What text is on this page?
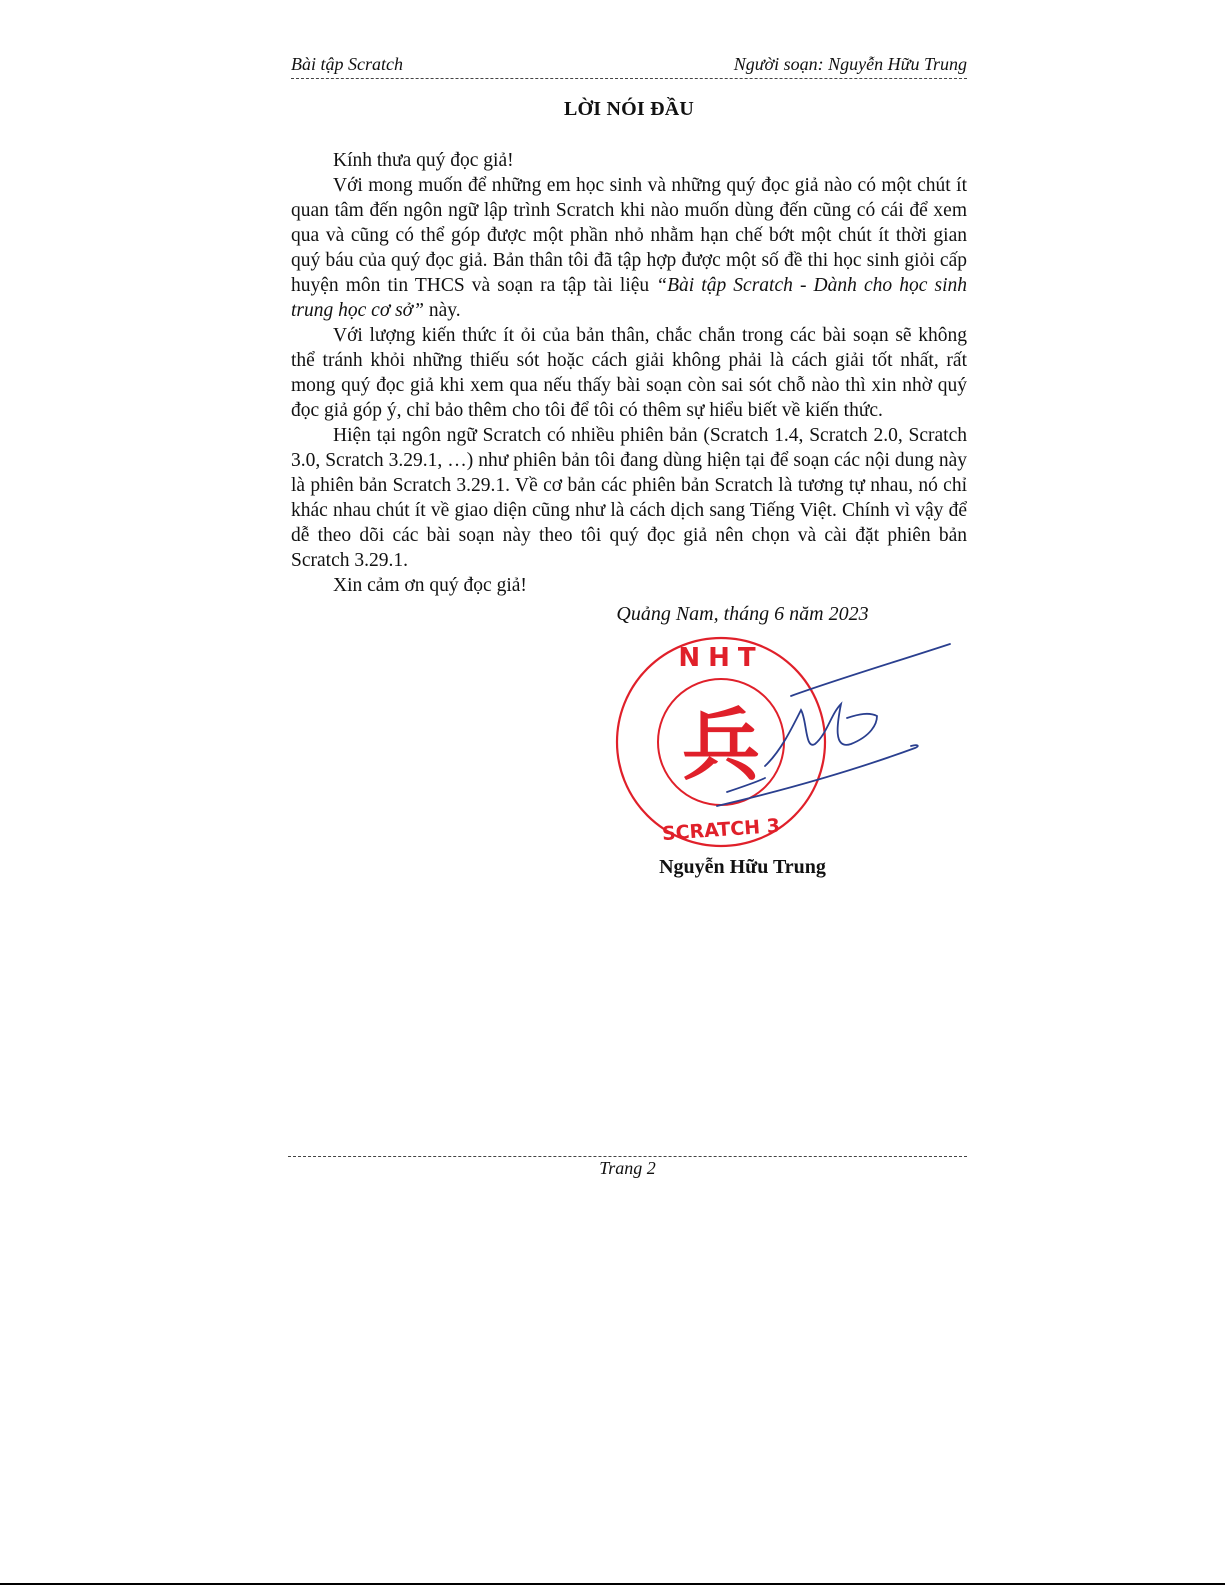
Bài tập Scratch	Người soạn: Nguyễn Hữu Trung
LỜI NÓI ĐẦU

Kính thưa quý đọc giả!

Với mong muốn để những em học sinh và những quý đọc giả nào có một chút ít quan tâm đến ngôn ngữ lập trình Scratch khi nào muốn dùng đến cũng có cái để xem qua và cũng có thể góp được một phần nhỏ nhằm hạn chế bớt một chút ít thời gian quý báu của quý đọc giả. Bản thân tôi đã tập hợp được một số đề thi học sinh giỏi cấp huyện môn tin THCS và soạn ra tập tài liệu “Bài tập Scratch - Dành cho học sinh trung học cơ sở” này.

Với lượng kiến thức ít ỏi của bản thân, chắc chắn trong các bài soạn sẽ không thể tránh khỏi những thiếu sót hoặc cách giải không phải là cách giải tốt nhất, rất mong quý đọc giả khi xem qua nếu thấy bài soạn còn sai sót chỗ nào thì xin nhờ quý đọc giả góp ý, chỉ bảo thêm cho tôi để tôi có thêm sự hiểu biết về kiến thức.

Hiện tại ngôn ngữ Scratch có nhiều phiên bản (Scratch 1.4, Scratch 2.0, Scratch 3.0, Scratch 3.29.1, …) như phiên bản tôi đang dùng hiện tại để soạn các nội dung này là phiên bản Scratch 3.29.1. Về cơ bản các phiên bản Scratch là tương tự nhau, nó chỉ khác nhau chút ít về giao diện cũng như là cách dịch sang Tiếng Việt. Chính vì vậy để dễ theo dõi các bài soạn này theo tôi quý đọc giả nên chọn và cài đặt phiên bản Scratch 3.29.1.

Xin cảm ơn quý đọc giả!

Quảng Nam, tháng 6 năm 2023
NHT
兵
SCRATCH 3
Nguyễn Hữu Trung
Trang 2
